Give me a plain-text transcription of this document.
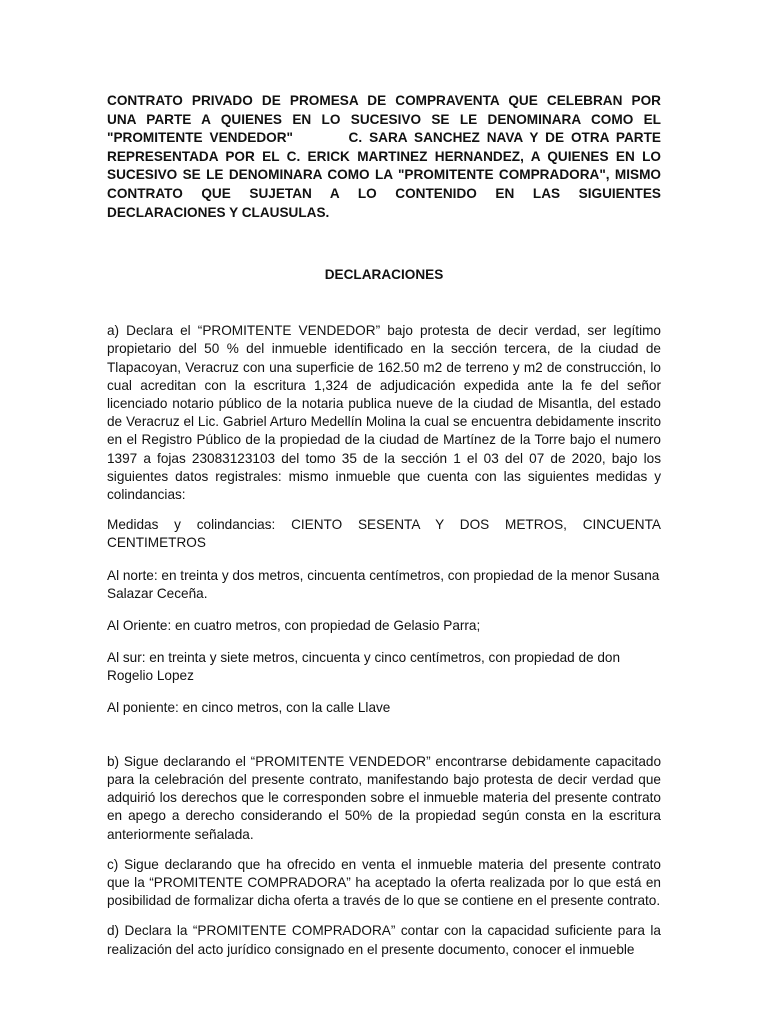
CONTRATO PRIVADO DE PROMESA DE COMPRAVENTA QUE CELEBRAN POR
UNA PARTE A QUIENES EN LO SUCESIVO SE LE DENOMINARA COMO EL
"PROMITENTE VENDEDOR"        C. SARA SANCHEZ NAVA Y DE OTRA PARTE
REPRESENTADA POR EL C. ERICK MARTINEZ HERNANDEZ, A QUIENES EN LO
SUCESIVO SE LE DENOMINARA COMO LA "PROMITENTE COMPRADORA", MISMO
CONTRATO QUE SUJETAN A LO CONTENIDO EN LAS SIGUIENTES
DECLARACIONES Y CLAUSULAS.

DECLARACIONES

a) Declara el “PROMITENTE VENDEDOR” bajo protesta de decir verdad, ser legítimo propietario del 50 % del inmueble identificado en la sección tercera, de la ciudad de Tlapacoyan, Veracruz con una superficie de 162.50 m2 de terreno y m2 de construcción, lo cual acreditan con la escritura 1,324 de adjudicación expedida ante la fe del señor licenciado notario público de la notaria publica nueve de la ciudad de Misantla, del estado de Veracruz el Lic. Gabriel Arturo Medellín Molina la cual se encuentra debidamente inscrito en el Registro Público de la propiedad de la ciudad de Martínez de la Torre bajo el numero 1397 a fojas 23083123103 del tomo 35 de la sección 1 el 03 del 07 de 2020, bajo los siguientes datos registrales: mismo inmueble que cuenta con las siguientes medidas y colindancias:

Medidas y colindancias: CIENTO SESENTA Y DOS METROS, CINCUENTA
CENTIMETROS

Al norte: en treinta y dos metros, cincuenta centímetros, con propiedad de la menor Susana Salazar Ceceña.

Al Oriente: en cuatro metros, con propiedad de Gelasio Parra;

Al sur: en treinta y siete metros, cincuenta y cinco centímetros, con propiedad de don Rogelio Lopez

Al poniente: en cinco metros, con la calle Llave

b) Sigue declarando el “PROMITENTE VENDEDOR” encontrarse debidamente capacitado para la celebración del presente contrato, manifestando bajo protesta de decir verdad que adquirió los derechos que le corresponden sobre el inmueble materia del presente contrato en apego a derecho considerando el 50% de la propiedad según consta en la escritura anteriormente señalada.

c) Sigue declarando que ha ofrecido en venta el inmueble materia del presente contrato que la “PROMITENTE COMPRADORA” ha aceptado la oferta realizada por lo que está en posibilidad de formalizar dicha oferta a través de lo que se contiene en el presente contrato.

d) Declara la “PROMITENTE COMPRADORA” contar con la capacidad suficiente para la realización del acto jurídico consignado en el presente documento, conocer el inmueble
